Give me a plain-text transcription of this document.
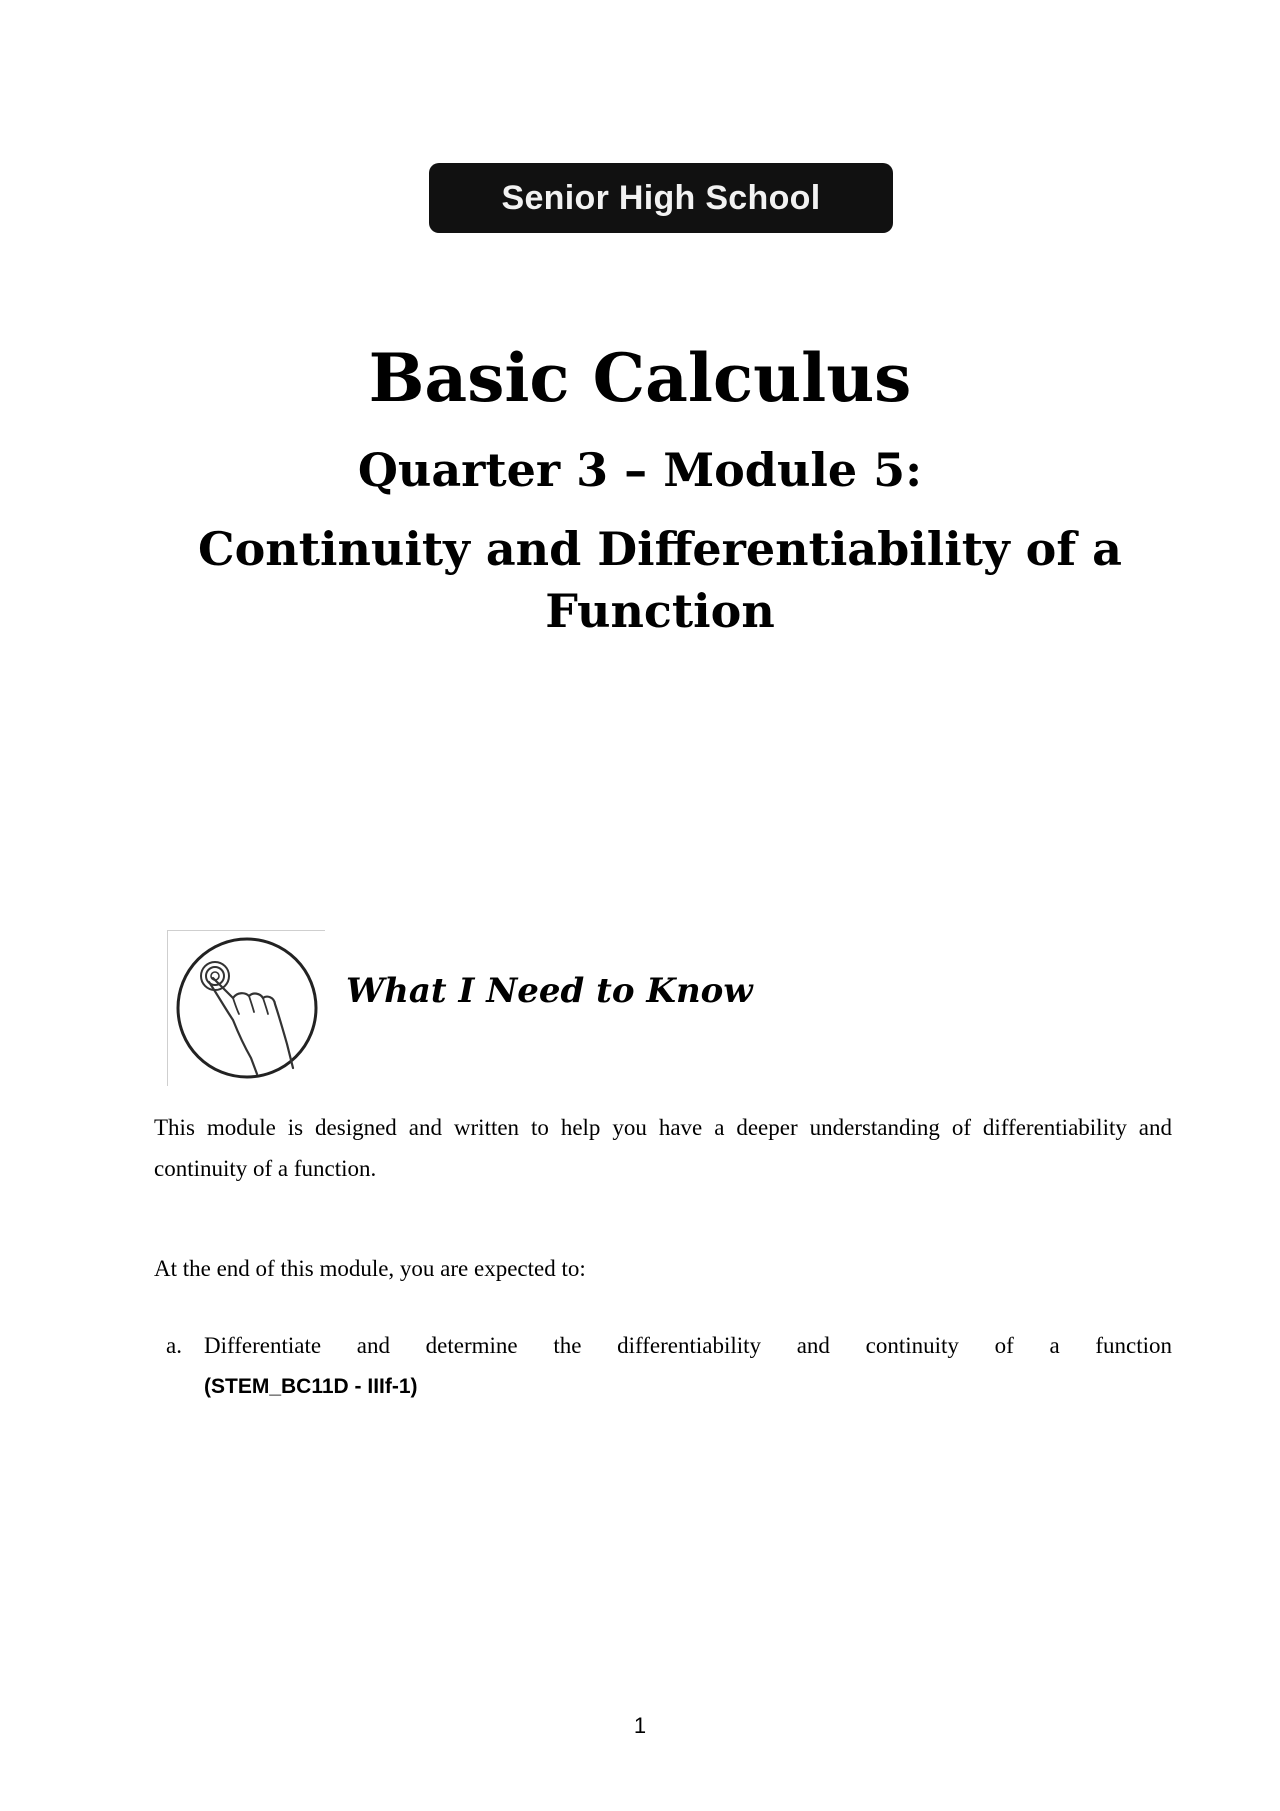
Senior High School
Basic Calculus
Quarter 3 – Module 5:
Continuity and Differentiability of a Function
What I Need to Know

This module is designed and written to help you have a deeper understanding of differentiability and continuity of a function.

At the end of this module, you are expected to:

a. Differentiate and determine the differentiability and continuity of a function
(STEM_BC11D - IIIf-1)
1
